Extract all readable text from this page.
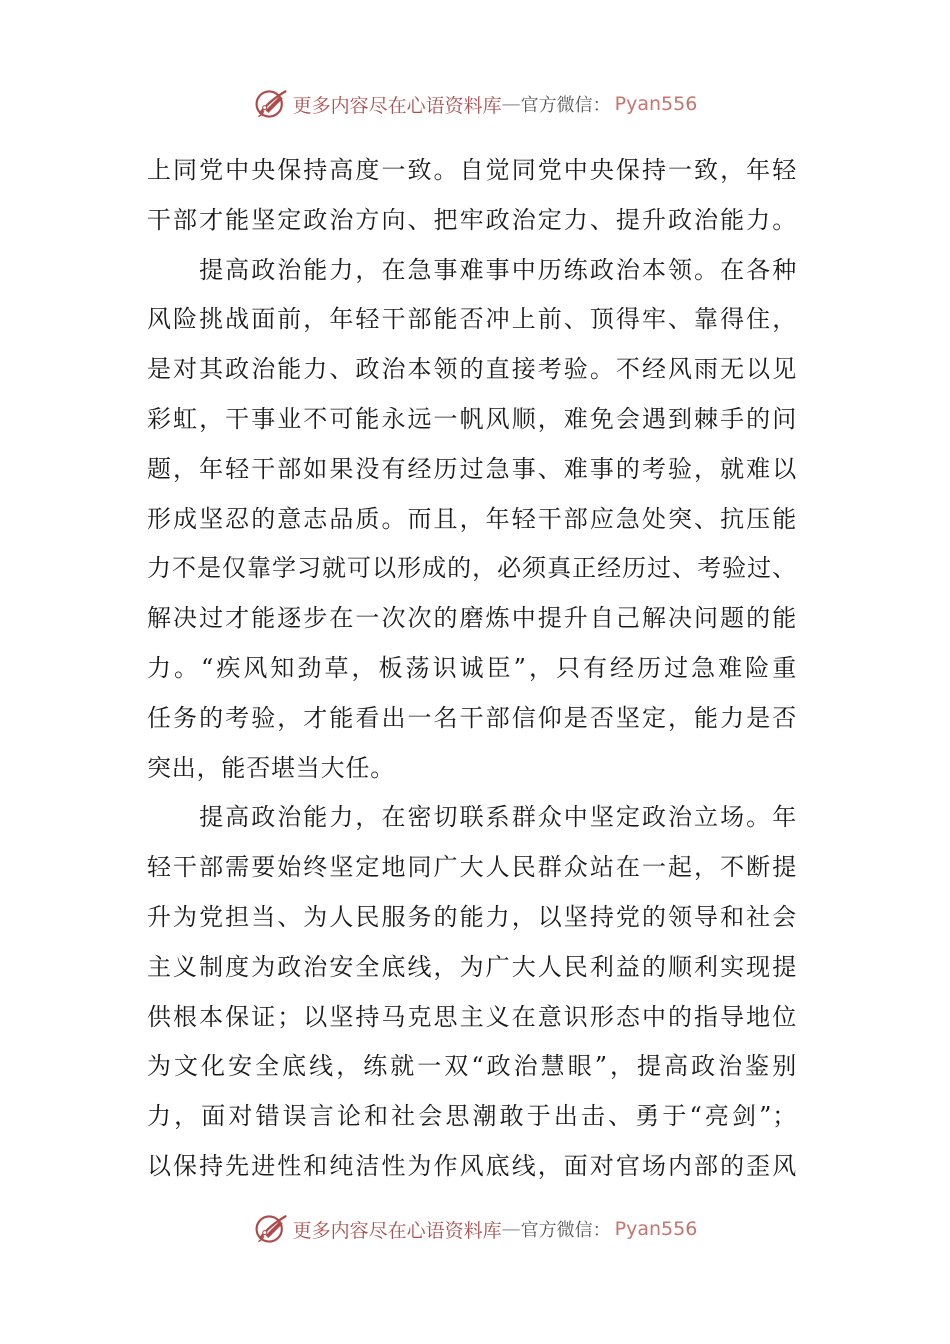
更多内容尽在心语资料库 — 官方微信： Pyan556
上同党中央保持高度一致。自觉同党中央保持一致，年轻
干部才能坚定政治方向、把牢政治定力、提升政治能力。
　　提高政治能力，在急事难事中历练政治本领。在各种
风险挑战面前，年轻干部能否冲上前、顶得牢、靠得住，
是对其政治能力、政治本领的直接考验。不经风雨无以见
彩虹，干事业不可能永远一帆风顺，难免会遇到棘手的问
题，年轻干部如果没有经历过急事、难事的考验，就难以
形成坚忍的意志品质。而且，年轻干部应急处突、抗压能
力不是仅靠学习就可以形成的，必须真正经历过、考验过、
解决过才能逐步在一次次的磨炼中提升自己解决问题的能
力。“疾风知劲草，板荡识诚臣”，只有经历过急难险重
任务的考验，才能看出一名干部信仰是否坚定，能力是否
突出，能否堪当大任。
　　提高政治能力，在密切联系群众中坚定政治立场。年
轻干部需要始终坚定地同广大人民群众站在一起，不断提
升为党担当、为人民服务的能力，以坚持党的领导和社会
主义制度为政治安全底线，为广大人民利益的顺利实现提
供根本保证；以坚持马克思主义在意识形态中的指导地位
为文化安全底线，练就一双“政治慧眼”，提高政治鉴别
力，面对错误言论和社会思潮敢于出击、勇于“亮剑”；
以保持先进性和纯洁性为作风底线，面对官场内部的歪风
更多内容尽在心语资料库 — 官方微信： Pyan556
